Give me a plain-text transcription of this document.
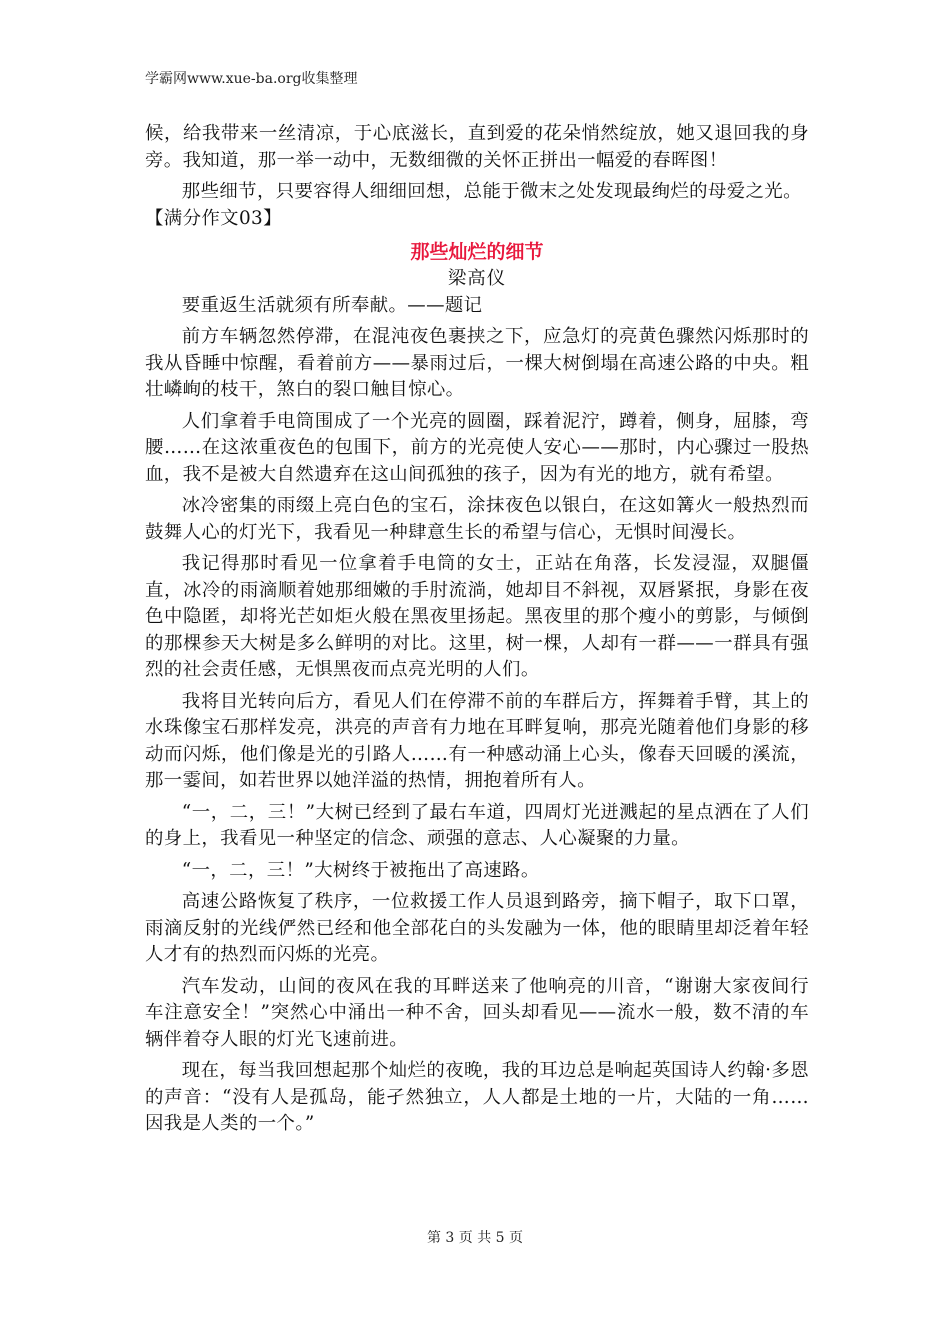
学霸网www.xue-ba.org收集整理

候，给我带来一丝清凉，于心底滋长，直到爱的花朵悄然绽放，她又退回我的身旁。我知道，那一举一动中，无数细微的关怀正拼出一幅爱的春晖图！

那些细节，只要容得人细细回想，总能于微末之处发现最绚烂的母爱之光。

【满分作文03】

那些灿烂的细节

梁高仪

要重返生活就须有所奉献。——题记

前方车辆忽然停滞，在混沌夜色裹挟之下，应急灯的亮黄色骤然闪烁那时的我从昏睡中惊醒，看着前方——暴雨过后，一棵大树倒塌在高速公路的中央。粗壮嶙峋的枝干，煞白的裂口触目惊心。

人们拿着手电筒围成了一个光亮的圆圈，踩着泥泞，蹲着，侧身，屈膝，弯腰……在这浓重夜色的包围下，前方的光亮使人安心——那时，内心骤过一股热血，我不是被大自然遗弃在这山间孤独的孩子，因为有光的地方，就有希望。

冰冷密集的雨缀上亮白色的宝石，涂抹夜色以银白，在这如篝火一般热烈而鼓舞人心的灯光下，我看见一种肆意生长的希望与信心，无惧时间漫长。

我记得那时看见一位拿着手电筒的女士，正站在角落，长发浸湿，双腿僵直，冰冷的雨滴顺着她那细嫩的手肘流淌，她却目不斜视，双唇紧抿，身影在夜色中隐匿，却将光芒如炬火般在黑夜里扬起。黑夜里的那个瘦小的剪影，与倾倒的那棵参天大树是多么鲜明的对比。这里，树一棵，人却有一群——一群具有强烈的社会责任感，无惧黑夜而点亮光明的人们。

我将目光转向后方，看见人们在停滞不前的车群后方，挥舞着手臂，其上的水珠像宝石那样发亮，洪亮的声音有力地在耳畔复响，那亮光随着他们身影的移动而闪烁，他们像是光的引路人……有一种感动涌上心头，像春天回暖的溪流，那一霎间，如若世界以她洋溢的热情，拥抱着所有人。

“一，二，三！”大树已经到了最右车道，四周灯光迸溅起的星点洒在了人们的身上，我看见一种坚定的信念、顽强的意志、人心凝聚的力量。

“一，二，三！”大树终于被拖出了高速路。

高速公路恢复了秩序，一位救援工作人员退到路旁，摘下帽子，取下口罩，雨滴反射的光线俨然已经和他全部花白的头发融为一体，他的眼睛里却泛着年轻人才有的热烈而闪烁的光亮。

汽车发动，山间的夜风在我的耳畔送来了他响亮的川音，“谢谢大家夜间行车注意安全！”突然心中涌出一种不舍，回头却看见——流水一般，数不清的车辆伴着夺人眼的灯光飞速前进。

现在，每当我回想起那个灿烂的夜晚，我的耳边总是响起英国诗人约翰·多恩的声音：“没有人是孤岛，能孑然独立，人人都是土地的一片，大陆的一角……因我是人类的一个。”

第 3 页 共 5 页
